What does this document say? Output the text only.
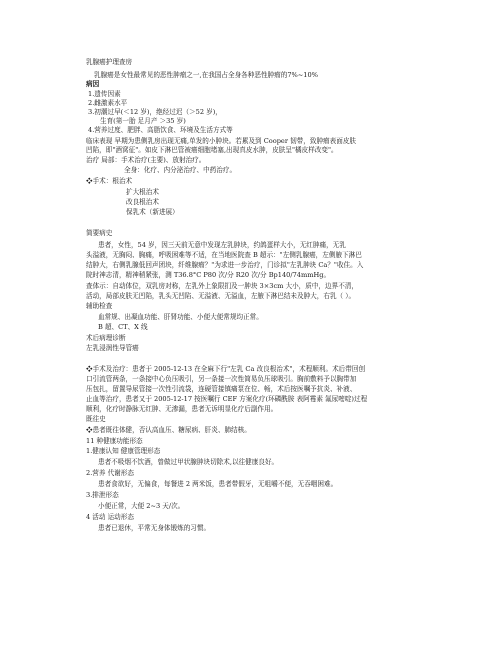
乳腺癌护理查房
乳腺癌是女性最常见的恶性肿瘤之一,在我国占全身各种恶性肿瘤的7%~10%
病因
1.遗传因素
2.雌激素水平
3.初潮过早(＜12 岁)，绝经过迟（＞52 岁)，
生育(第一胎 足月产 ＞35 岁)
4.营养过度、肥胖、高脂饮食、环境及生活方式等
临床表现 早期为患侧乳房出现无痛,单发的小肿块。若累及到 Cooper 韧带，致肿瘤表面皮肤
凹陷，即"酒窝征"。如皮下淋巴管被癌细胞堵塞,出现真皮水肿，皮肤呈"橘皮样改变"。
治疗 局部：手术治疗(主要)、放射治疗。
全身：化疗、内分泌治疗、中药治疗。
❖手术：根治术
扩大根治术
改良根治术
保乳术（新进展）
简要病史
患者，女性，54 岁，因三天前无意中发现左乳肿块，约鸽蛋样大小，无红肿痛，无乳
头溢液，无胸闷、胸痛，呼吸困难等不适，在当地医院查 B 超示："左侧乳腺癌，左侧腋下淋巴
结肿大，右侧乳腺低回声团块，纤维腺瘤？"为求进一步治疗，门诊拟"左乳肿块 Ca？"收住。入
院时神志清，精神稍紧张，测 T36.8°C P80 次/分 R20 次/分 Bp140/74mmHg。
查体示：自动体位，双乳房对称，左乳外上象限扪及一肿块 3×3cm 大小，质中，边界不清，
活动，局部皮肤无凹陷，乳头无凹陷、无溢液、无溢血，左腋下淋巴结未及肿大，右乳（ ）。
辅助检查
血常规、出凝血功能、肝肾功能、小便大便常规均正常。
B 超、CT、X 线
术后病理诊断
左乳浸润性导管癌
❖手术及治疗：患者于 2005-12-13 在全麻下行"左乳 Ca 改良根治术"，术程顺利。术后带回创
口引流管两条，一条接中心负压吸引，另一条接一次性简易负压球吸引。胸前敷料予以胸带加
压包扎，留置导尿管接一次性引流袋，连硬管接镇痛泵在位、畅，术后按医嘱予抗炎、补液、
止血等治疗，患者又于 2005-12-17 按医嘱行 CEF 方案化疗(环磷酰胺 表阿霉素 氟尿嘧啶)过程
顺利，化疗时静脉无红肿、无渗漏，患者无诉明显化疗后副作用。
既往史
❖患者既往体健，否认高血压、糖尿病、肝炎、肺结核。
11 种健康功能形态
1.健康认知 健康管理形态
患者不吸烟不饮酒，曾做过甲状腺肿块切除术,以往健康良好。
2.营养 代谢形态
患者食欲好，无偏食，每餐进 2 两米饭，患者带假牙，无咀嚼不便，无吞咽困难。
3.排泄形态
小便正常，大便 2~3 天/次。
4 活动 运动形态
患者已退休，平常无身体锻炼的习惯。
